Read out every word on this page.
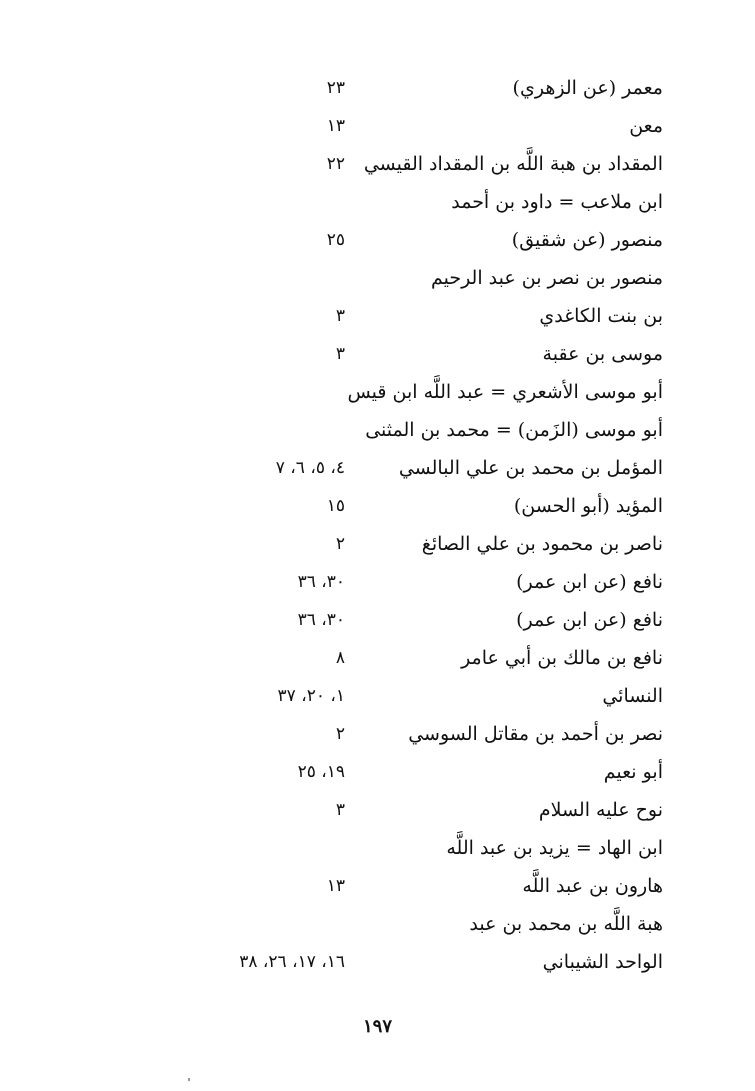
معمر (عن الزهري)
٢٣
معن
١٣
المقداد بن هبة اللَّه بن المقداد القيسي
٢٢
ابن ملاعب = داود بن أحمد
منصور (عن شقيق)
٢٥
منصور بن نصر بن عبد الرحيم
بن بنت الكاغدي
٣
موسى بن عقبة
٣
أبو موسى الأشعري = عبد اللَّه ابن قيس
أبو موسى (الزَمن) = محمد بن المثنى
المؤمل بن محمد بن علي البالسي
٤، ٥، ٦، ٧
المؤيد (أبو الحسن)
١٥
ناصر بن محمود بن علي الصائغ
٢
نافع (عن ابن عمر)
٣٠، ٣٦
نافع (عن ابن عمر)
٣٠، ٣٦
نافع بن مالك بن أبي عامر
٨
النسائي
١، ٢٠، ٣٧
نصر بن أحمد بن مقاتل السوسي
٢
أبو نعيم
١٩، ٢٥
نوح عليه السلام
٣
ابن الهاد = يزيد بن عبد اللَّه
هارون بن عبد اللَّه
١٣
هبة اللَّه بن محمد بن عبد
الواحد الشيباني
١٦، ١٧، ٢٦، ٣٨
١٩٧
